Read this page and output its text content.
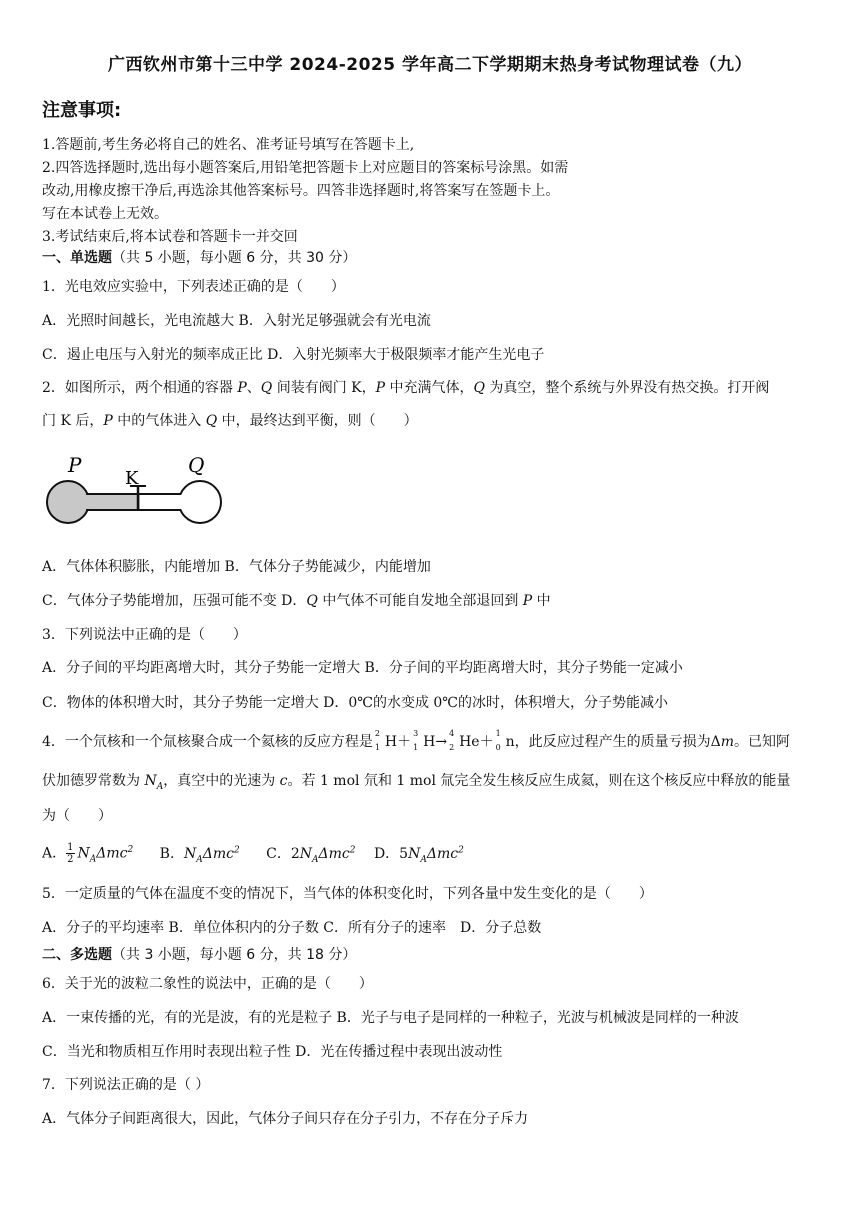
广西钦州市第十三中学 2024-2025 学年高二下学期期末热身考试物理试卷（九）
注意事项:
1.答题前,考生务必将自己的姓名、准考证号填写在答题卡上,
2.四答选择题时,选出每小题答案后,用铅笔把答题卡上对应题目的答案标号涂黑。如需
改动,用橡皮擦干净后,再选涂其他答案标号。四答非选择题时,将答案写在签题卡上。
写在本试卷上无效。
3.考试结束后,将本试卷和答题卡一并交回
一、单选题（共 5 小题，每小题 6 分，共 30 分）
1．光电效应实验中，下列表述正确的是（　　）
A．光照时间越长，光电流越大 B．入射光足够强就会有光电流
C．遏止电压与入射光的频率成正比 D．入射光频率大于极限频率才能产生光电子
2．如图所示，两个相通的容器 P、Q 间装有阀门 K，P 中充满气体，Q 为真空，整个系统与外界没有热交换。打开阀
门 K 后，P 中的气体进入 Q 中，最终达到平衡，则（　　）
P
K
Q
A．气体体积膨胀，内能增加 B．气体分子势能减少，内能增加
C．气体分子势能增加，压强可能不变 D．Q 中气体不可能自发地全部退回到 P 中
3．下列说法中正确的是（　　）
A．分子间的平均距离增大时，其分子势能一定增大 B．分子间的平均距离增大时，其分子势能一定减小
C．物体的体积增大时，其分子势能一定增大 D．0℃的水变成 0℃的冰时，体积增大，分子势能减小
4．一个氘核和一个氚核聚合成一个氦核的反应方程是
2
1 H＋
3
1 H→
4
2 He＋
1
0 n，此反应过程产生的质量亏损为Δm。已知阿
伏加德罗常数为 $N_A$，真空中的光速为 c。若 1 mol 氘和 1 mol 氚完全发生核反应生成氦，则在这个核反应中释放的能量
为（　　）
A． $\frac{1}{2} N_A\Delta mc^2$ B．$N_A\Delta mc^2$ C．$2N_A\Delta mc^2$ D．$5N_A\Delta mc^2$
5．一定质量的气体在温度不变的情况下，当气体的体积变化时，下列各量中发生变化的是（　　）
A．分子的平均速率 B．单位体积内的分子数 C．所有分子的速率　D．分子总数
二、多选题（共 3 小题，每小题 6 分，共 18 分）
6．关于光的波粒二象性的说法中，正确的是（　　）
A．一束传播的光，有的光是波，有的光是粒子 B．光子与电子是同样的一种粒子，光波与机械波是同样的一种波
C．当光和物质相互作用时表现出粒子性 D．光在传播过程中表现出波动性
7．下列说法正确的是（ ）
A．气体分子间距离很大，因此，气体分子间只存在分子引力，不存在分子斥力
